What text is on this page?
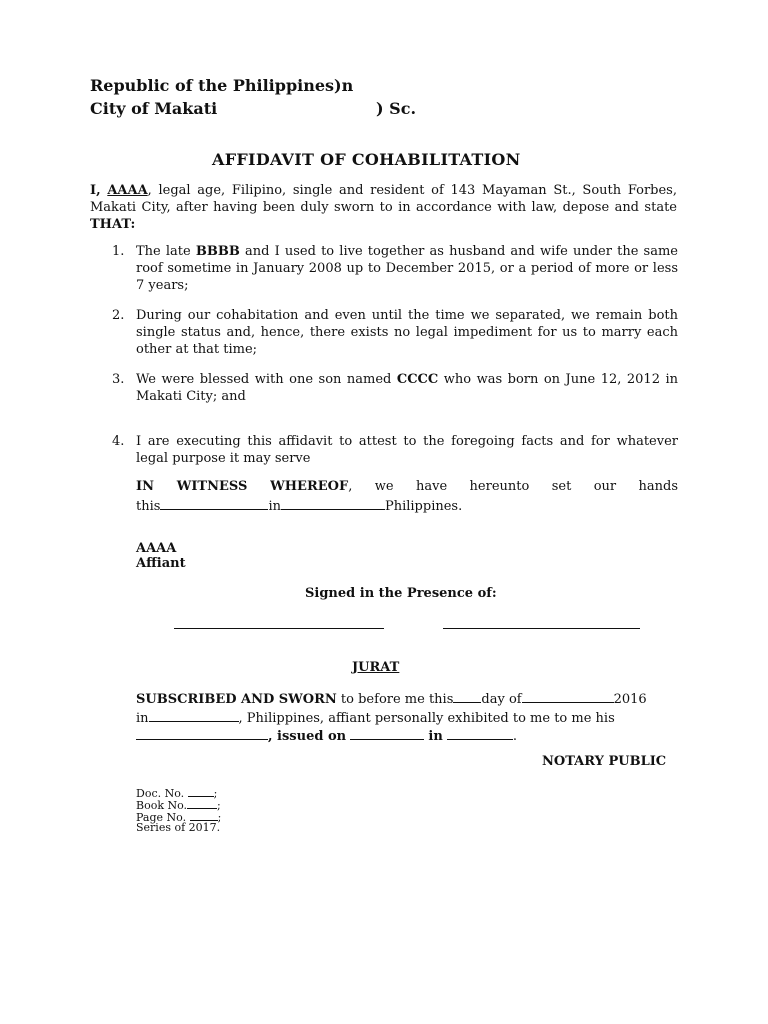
Republic of the Philippines)n
City of Makati	) Sc.
AFFIDAVIT OF COHABILITATION
I, AAAA, legal age, Filipino, single and resident of 143 Mayaman St., South Forbes, Makati City, after having been duly sworn to in accordance with law, depose and state THAT:
1. The late BBBB and I used to live together as husband and wife under the same roof sometime in January 2008 up to December 2015, or a period of more or less 7 years;
2. During our cohabitation and even until the time we separated, we remain both single status and, hence, there exists no legal impediment for us to marry each other at that time;
3. We were blessed with one son named CCCC who was born on June 12, 2012 in Makati City; and
4. I are executing this affidavit to attest to the foregoing facts and for whatever legal purpose it may serve
IN WITNESS WHEREOF, we have hereunto set our hands
this	in	Philippines.
AAAA
Affiant
Signed in the Presence of:
JURAT
SUBSCRIBED AND SWORN to before me this day of	2016
in	, Philippines, affiant personally exhibited to me to me his
, issued on	in	.
NOTARY PUBLIC
Doc. No.	;
Book No.	;
Page No.	;
Series of 2017.
